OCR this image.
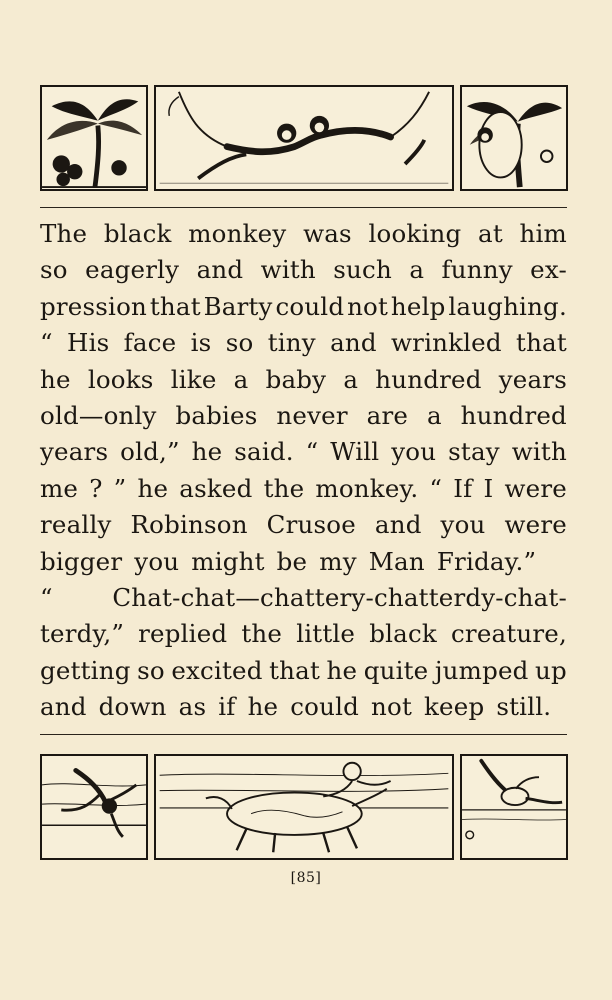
The black monkey was looking at him
so eagerly and with such a funny ex-
pression that Barty could not help laughing.
“ His face is so tiny and wrinkled that
he looks like a baby a hundred years
old—only babies never are a hundred
years old,” he said. “ Will you stay with
me ? ” he asked the monkey. “ If I were
really Robinson Crusoe and you were
bigger you might be my Man Friday.”
“ Chat-chat—chattery-chatterdy-chat-
terdy,” replied the little black creature,
getting so excited that he quite jumped up
and down as if he could not keep still.
[85]
